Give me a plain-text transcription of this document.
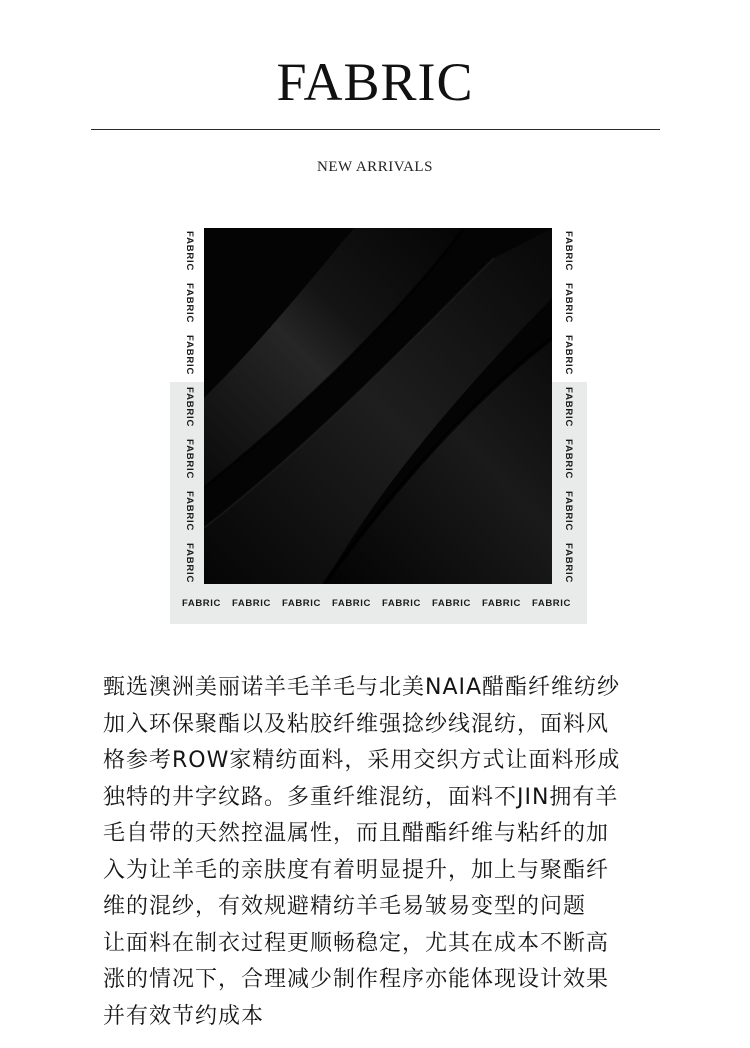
FABRIC
NEW ARRIVALS
FABRIC
FABRIC
FABRIC
FABRIC
FABRIC
FABRIC
FABRIC
FABRIC
FABRIC
FABRIC
FABRIC
FABRIC
FABRIC
FABRIC
FABRIC FABRIC FABRIC FABRIC FABRIC FABRIC FABRIC FABRIC
甄选澳洲美丽诺羊毛羊毛与北美NAIA醋酯纤维纺纱
加入环保聚酯以及粘胶纤维强捻纱线混纺，面料风
格参考ROW家精纺面料，采用交织方式让面料形成
独特的井字纹路。多重纤维混纺，面料不JIN拥有羊
毛自带的天然控温属性，而且醋酯纤维与粘纤的加
入为让羊毛的亲肤度有着明显提升，加上与聚酯纤
维的混纱，有效规避精纺羊毛易皱易变型的问题
让面料在制衣过程更顺畅稳定，尤其在成本不断高
涨的情况下，合理减少制作程序亦能体现设计效果
并有效节约成本
